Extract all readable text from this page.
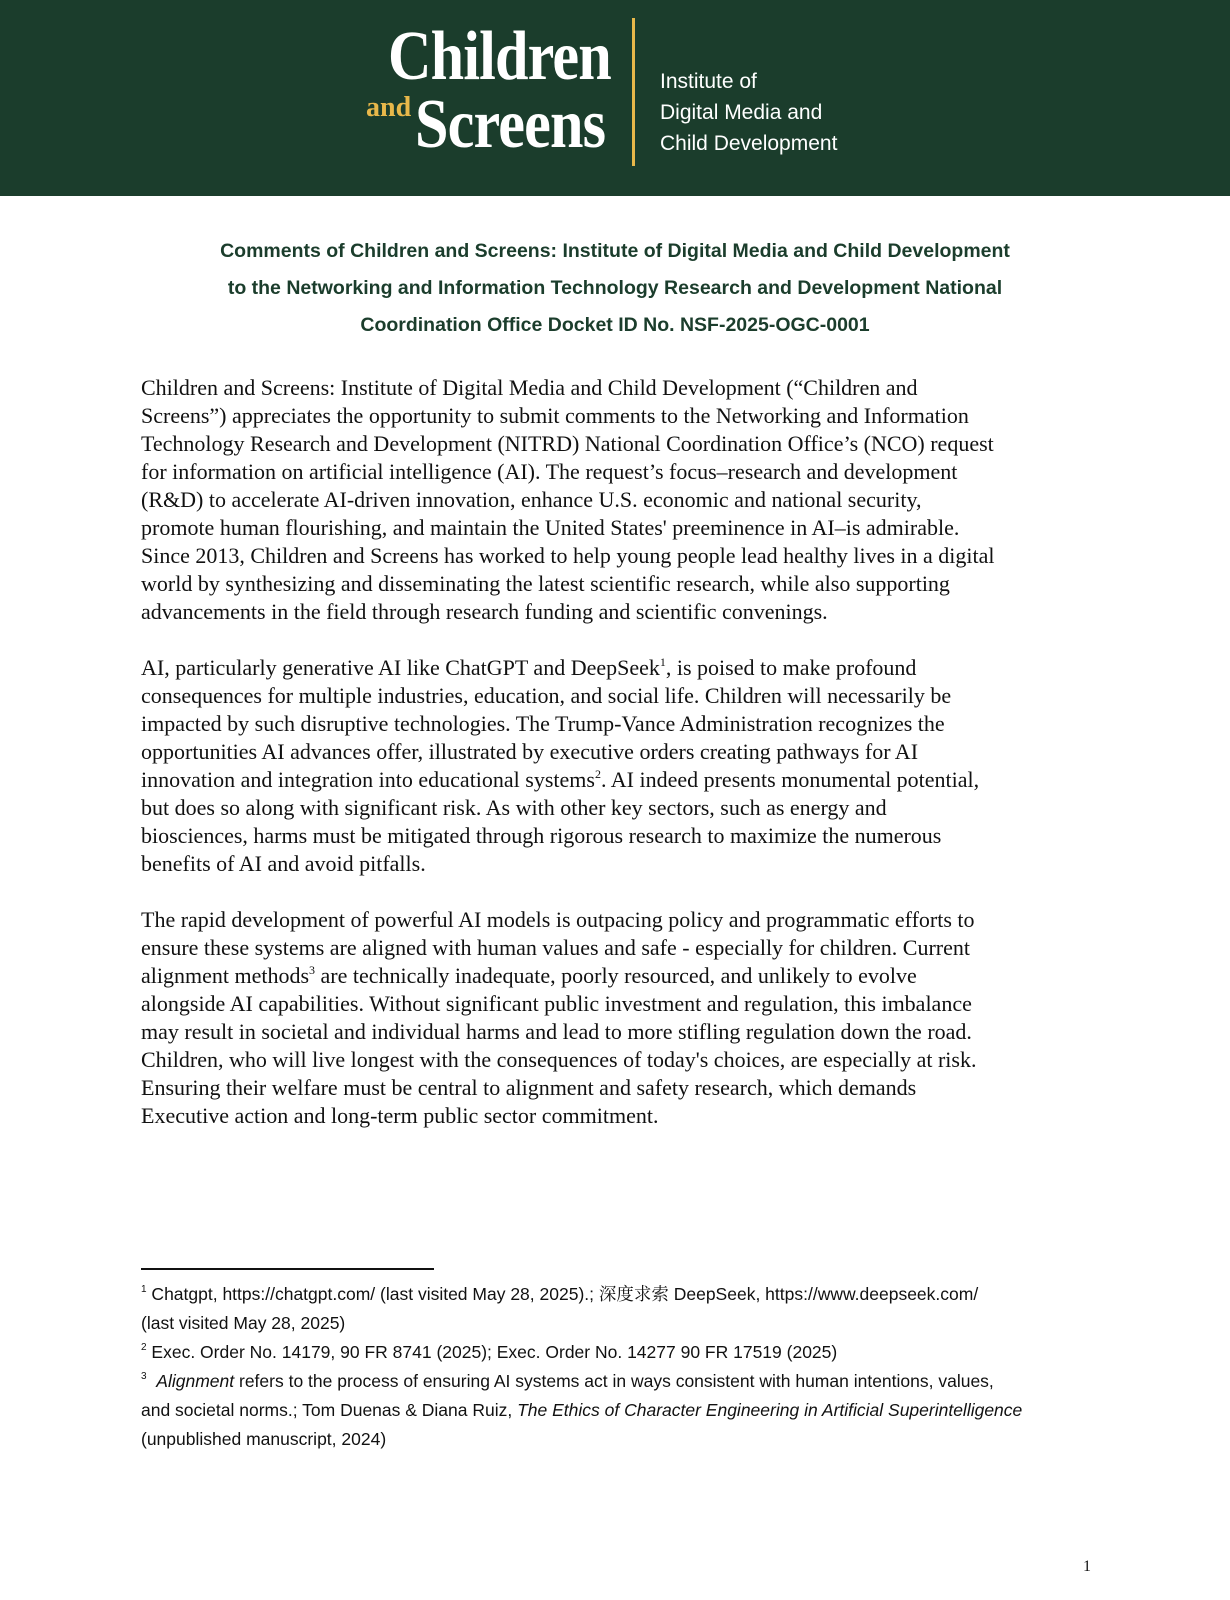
Children
and Screens
Institute of
Digital Media and
Child Development
Comments of Children and Screens: Institute of Digital Media and Child Development
to the Networking and Information Technology Research and Development National
Coordination Office Docket ID No. NSF-2025-OGC-0001
Children and Screens: Institute of Digital Media and Child Development (“Children and
Screens”) appreciates the opportunity to submit comments to the Networking and Information
Technology Research and Development (NITRD) National Coordination Office’s (NCO) request
for information on artificial intelligence (AI). The request’s focus–research and development
(R&D) to accelerate AI-driven innovation, enhance U.S. economic and national security,
promote human flourishing, and maintain the United States' preeminence in AI–is admirable.
Since 2013, Children and Screens has worked to help young people lead healthy lives in a digital
world by synthesizing and disseminating the latest scientific research, while also supporting
advancements in the field through research funding and scientific convenings.
AI, particularly generative AI like ChatGPT and DeepSeek$^1$, is poised to make profound
consequences for multiple industries, education, and social life. Children will necessarily be
impacted by such disruptive technologies. The Trump-Vance Administration recognizes the
opportunities AI advances offer, illustrated by executive orders creating pathways for AI
innovation and integration into educational systems$^2$. AI indeed presents monumental potential,
but does so along with significant risk. As with other key sectors, such as energy and
biosciences, harms must be mitigated through rigorous research to maximize the numerous
benefits of AI and avoid pitfalls.
The rapid development of powerful AI models is outpacing policy and programmatic efforts to
ensure these systems are aligned with human values and safe - especially for children. Current
alignment methods$^3$ are technically inadequate, poorly resourced, and unlikely to evolve
alongside AI capabilities. Without significant public investment and regulation, this imbalance
may result in societal and individual harms and lead to more stifling regulation down the road.
Children, who will live longest with the consequences of today's choices, are especially at risk.
Ensuring their welfare must be central to alignment and safety research, which demands
Executive action and long-term public sector commitment.
$^1$ Chatgpt, https://chatgpt.com/ (last visited May 28, 2025).; 深度求索 DeepSeek, https://www.deepseek.com/
(last visited May 28, 2025)
$^2$ Exec. Order No. 14179, 90 FR 8741 (2025); Exec. Order No. 14277 90 FR 17519 (2025)
$^3$ Alignment refers to the process of ensuring AI systems act in ways consistent with human intentions, values,
and societal norms.; Tom Duenas & Diana Ruiz, The Ethics of Character Engineering in Artificial Superintelligence
(unpublished manuscript, 2024)
1
